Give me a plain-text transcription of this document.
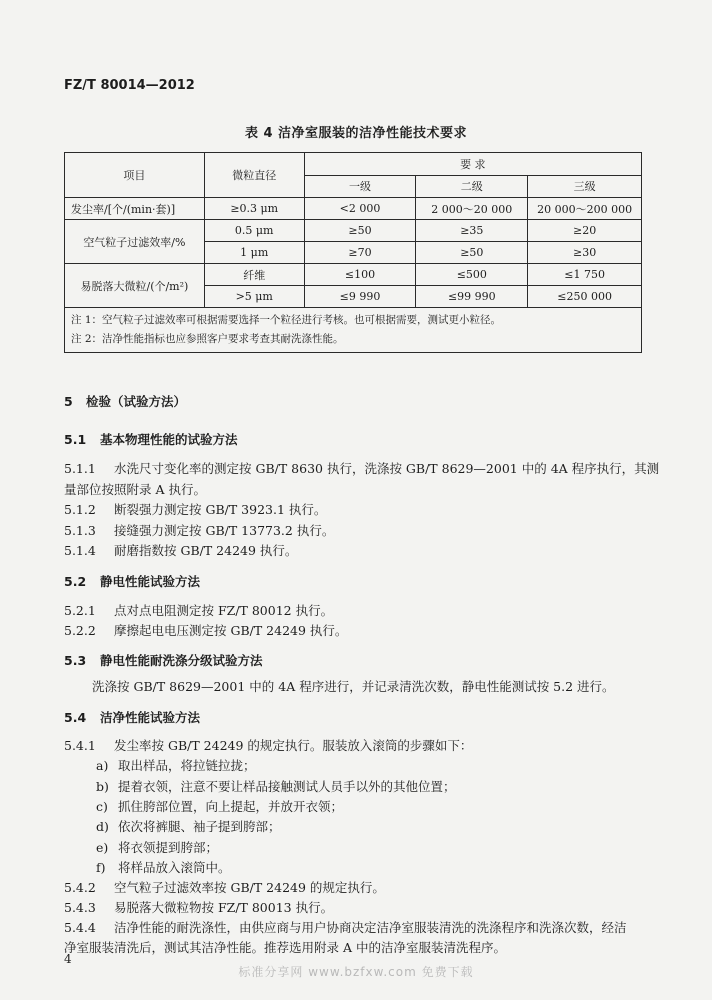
FZ/T 80014—2012
表 4 洁净室服装的洁净性能技术要求
项目	微粒直径	要 求		
		一级	二级	三级
发尘率/[个/(min·套)]	≥0.3 μm	<2 000	2 000～20 000	20 000～200 000
空气粒子过滤效率/%	0.5 μm	≥50	≥35	≥20
	1 μm	≥70	≥50	≥30
易脱落大微粒/(个/m²)	纤维	≤100	≤500	≤1 750
	>5 μm	≤9 990	≤99 990	≤250 000

注 1：空气粒子过滤效率可根据需要选择一个粒径进行考核。也可根据需要，测试更小粒径。
注 2：洁净性能指标也应参照客户要求考查其耐洗涤性能。				
5 检验（试验方法）
5.1 基本物理性能的试验方法
5.1.1 水洗尺寸变化率的测定按 GB/T 8630 执行，洗涤按 GB/T 8629—2001 中的 4A 程序执行，其测
量部位按照附录 A 执行。
5.1.2 断裂强力测定按 GB/T 3923.1 执行。
5.1.3 接缝强力测定按 GB/T 13773.2 执行。
5.1.4 耐磨指数按 GB/T 24249 执行。
5.2 静电性能试验方法
5.2.1 点对点电阻测定按 FZ/T 80012 执行。
5.2.2 摩擦起电电压测定按 GB/T 24249 执行。
5.3 静电性能耐洗涤分级试验方法
洗涤按 GB/T 8629—2001 中的 4A 程序进行，并记录清洗次数，静电性能测试按 5.2 进行。
5.4 洁净性能试验方法
5.4.1 发尘率按 GB/T 24249 的规定执行。服装放入滚筒的步骤如下：
a) 取出样品，将拉链拉拢；
b) 提着衣领，注意不要让样品接触测试人员手以外的其他位置；
c) 抓住胯部位置，向上提起，并放开衣领；
d) 依次将裤腿、袖子提到胯部；
e) 将衣领提到胯部；
f) 将样品放入滚筒中。
5.4.2 空气粒子过滤效率按 GB/T 24249 的规定执行。
5.4.3 易脱落大微粒物按 FZ/T 80013 执行。
5.4.4 洁净性能的耐洗涤性，由供应商与用户协商决定洁净室服装清洗的洗涤程序和洗涤次数，经洁
净室服装清洗后，测试其洁净性能。推荐选用附录 A 中的洁净室服装清洗程序。
4
标准分享网 www.bzfxw.com 免费下载
